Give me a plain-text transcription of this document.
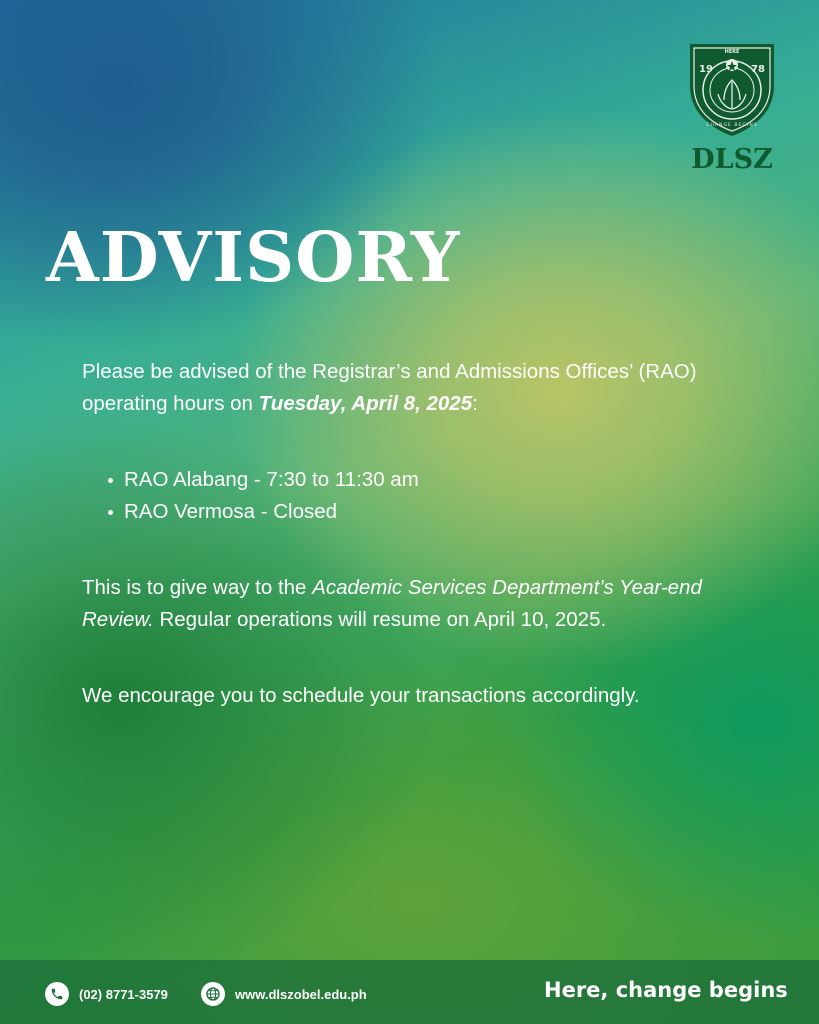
HERE
19	78
CHANGE BEGINS
DLSZ
ADVISORY

Please be advised of the Registrar’s and Admissions Offices’ (RAO) operating hours on Tuesday, April 8, 2025:

RAO Alabang - 7:30 to 11:30 am
RAO Vermosa - Closed

This is to give way to the Academic Services Department’s Year-end Review. Regular operations will resume on April 10, 2025.

We encourage you to schedule your transactions accordingly.

(02) 8771-3579	www.dlszobel.edu.ph	Here, change begins
